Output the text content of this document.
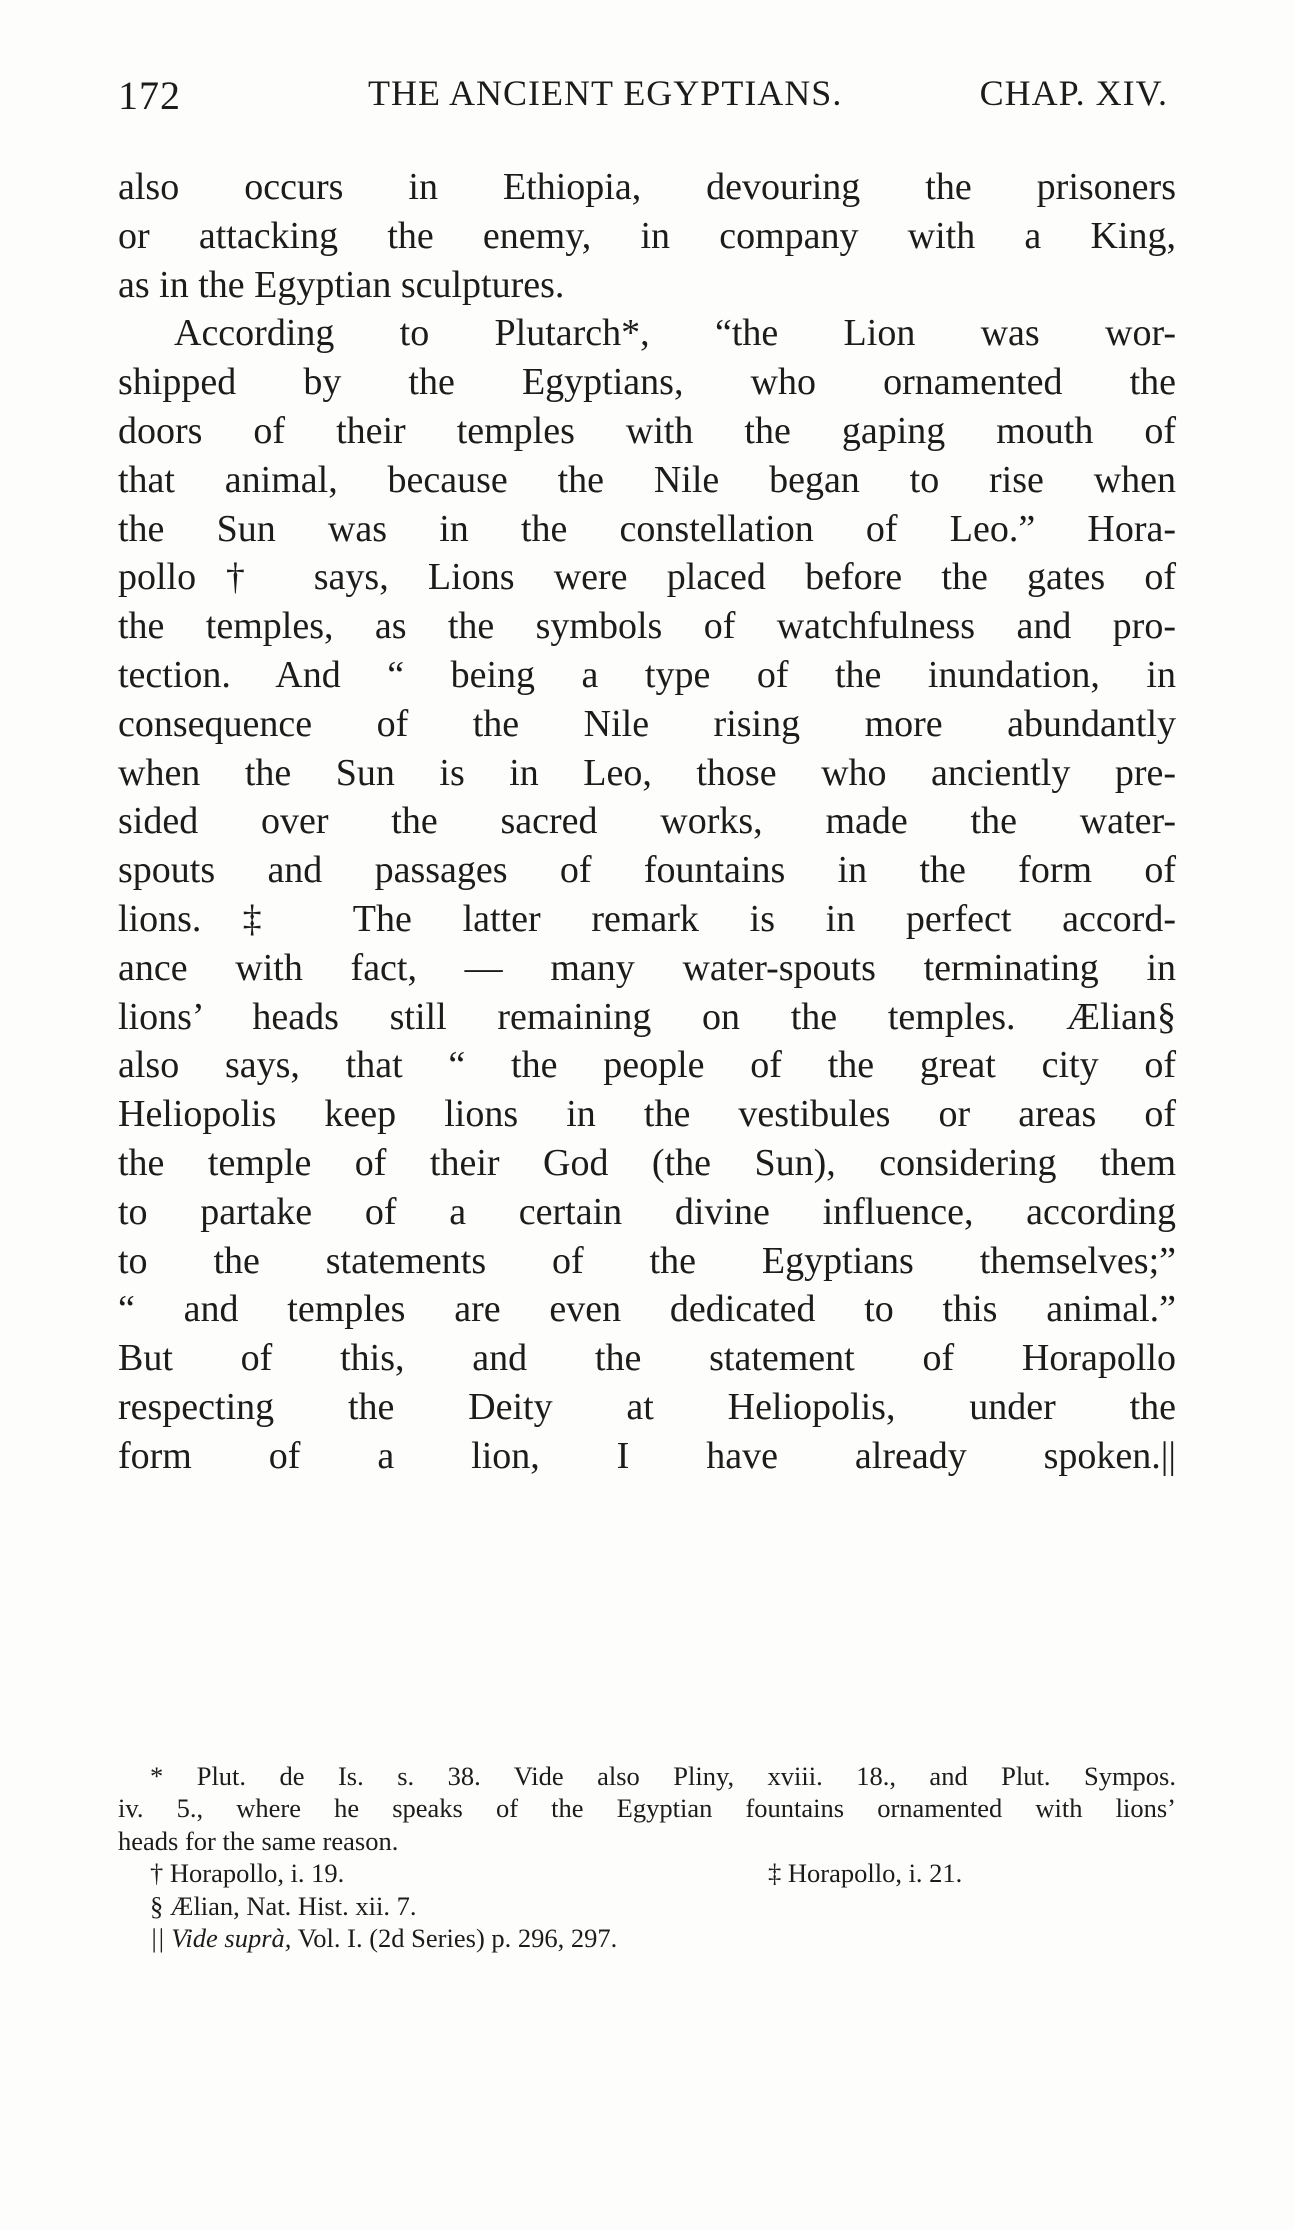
172	THE ANCIENT EGYPTIANS.	CHAP. XIV.
also occurs in Ethiopia, devouring the prisoners
or attacking the enemy, in company with a King,
as in the Egyptian sculptures.
According to Plutarch*, “the Lion was wor-
shipped by the Egyptians, who ornamented the
doors of their temples with the gaping mouth of
that animal, because the Nile began to rise when
the Sun was in the constellation of Leo.” Hora-
pollo† says, Lions were placed before the gates of
the temples, as the symbols of watchfulness and pro-
tection. And “ being a type of the inundation, in
consequence of the Nile rising more abundantly
when the Sun is in Leo, those who anciently pre-
sided over the sacred works, made the water-
spouts and passages of fountains in the form of
lions.‡ The latter remark is in perfect accord-
ance with fact, — many water-spouts terminating in
lions’ heads still remaining on the temples. Ælian§
also says, that “ the people of the great city of
Heliopolis keep lions in the vestibules or areas of
the temple of their God (the Sun), considering them
to partake of a certain divine influence, according
to the statements of the Egyptians themselves;”
“ and temples are even dedicated to this animal.”
But of this, and the statement of Horapollo
respecting the Deity at Heliopolis, under the
form of a lion, I have already spoken.||
* Plut. de Is. s. 38. Vide also Pliny, xviii. 18., and Plut. Sympos.
iv. 5., where he speaks of the Egyptian fountains ornamented with lions’
heads for the same reason.
† Horapollo, i. 19.	‡ Horapollo, i. 21.
§ Ælian, Nat. Hist. xii. 7.
|| Vide suprà, Vol. I. (2d Series) p. 296, 297.
